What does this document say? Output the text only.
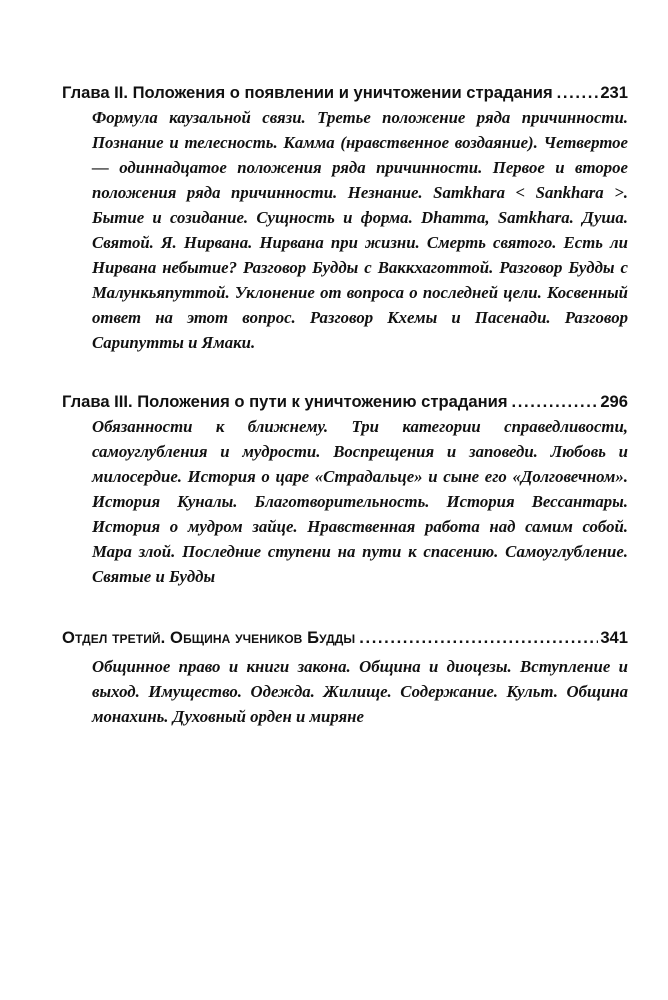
Глава II. Положения о появлении и уничтожении страдания . . .	231

Формула каузальной связи. Третье положение ряда причинности. Познание и телесность. Камма (нравственное воздаяние). Четвертое — одиннадцатое положения ряда причинности. Первое и второе положения ряда причинности. Незнание. Samkhara < Sankhara >. Бытие и созидание. Сущность и форма. Dhamma, Samkhara. Душа. Святой. Я. Нирвана. Нирвана при жизни. Смерть святого. Есть ли Нирвана небытие? Разговор Будды с Ваккхаготтой. Разговор Будды с Малункьяпуттой. Уклонение от вопроса о последней цели. Косвенный ответ на этот вопрос. Разговор Кхемы и Пасенади. Разговор Сарипутты и Ямаки.

Глава III. Положения о пути к уничтожению страдания . . .	296

Обязанности к ближнему. Три категории справедливости, самоуглубления и мудрости. Воспрещения и заповеди. Любовь и милосердие. История о царе «Страдальце» и сыне его «Долговечном». История Куналы. Благотворительность. История Вессантары. История о мудром зайце. Нравственная работа над самим собой. Мара злой. Последние ступени на пути к спасению. Самоуглубление. Святые и Будды

Отдел третий. Община учеников Будды . . .	341

Общинное право и книги закона. Община и диоцезы. Вступление и выход. Имущество. Одежда. Жилище. Содержание. Культ. Община монахинь. Духовный орден и миряне
